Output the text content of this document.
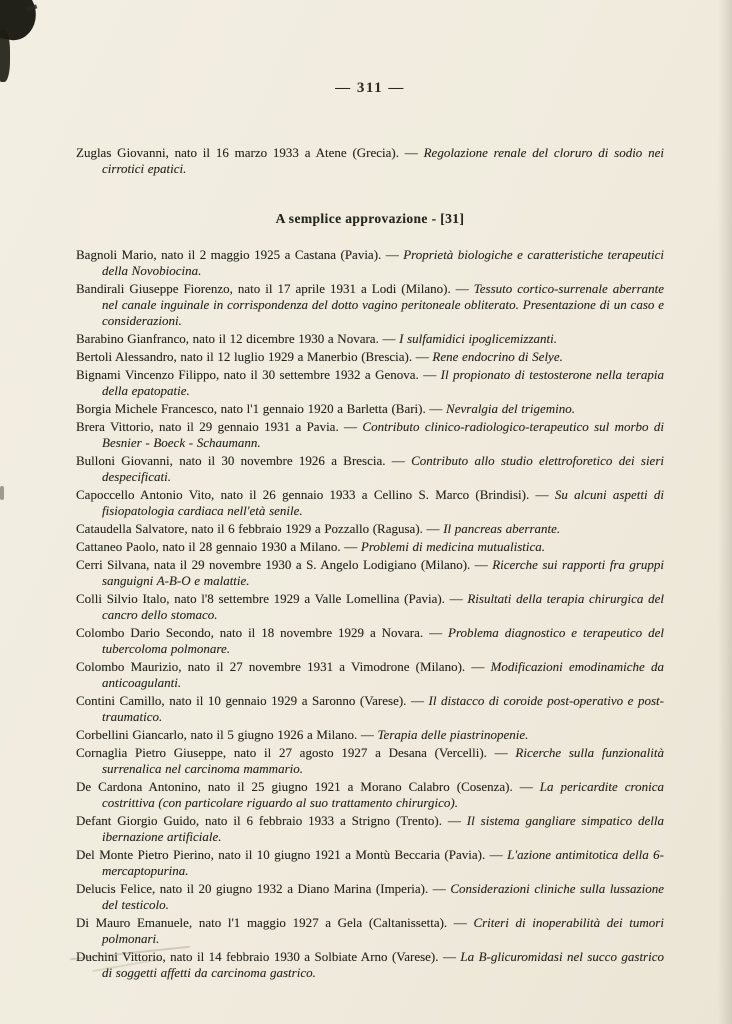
— 311 —

Zuglas Giovanni, nato il 16 marzo 1933 a Atene (Grecia). — Regolazione renale del cloruro di sodio nei cirrotici epatici.

A semplice approvazione - [31]

Bagnoli Mario, nato il 2 maggio 1925 a Castana (Pavia). — Proprietà biologiche e caratteristiche terapeutici della Novobiocina.

Bandirali Giuseppe Fiorenzo, nato il 17 aprile 1931 a Lodi (Milano). — Tessuto cortico-surrenale aberrante nel canale inguinale in corrispondenza del dotto vagino peritoneale obliterato. Presentazione di un caso e considerazioni.

Barabino Gianfranco, nato il 12 dicembre 1930 a Novara. — I sulfamidici ipoglicemizzanti.

Bertoli Alessandro, nato il 12 luglio 1929 a Manerbio (Brescia). — Rene endocrino di Selye.

Bignami Vincenzo Filippo, nato il 30 settembre 1932 a Genova. — Il propionato di testosterone nella terapia della epatopatie.

Borgia Michele Francesco, nato l'1 gennaio 1920 a Barletta (Bari). — Nevralgia del trigemino.

Brera Vittorio, nato il 29 gennaio 1931 a Pavia. — Contributo clinico-radiologico-terapeutico sul morbo di Besnier - Boeck - Schaumann.

Bulloni Giovanni, nato il 30 novembre 1926 a Brescia. — Contributo allo studio elettroforetico dei sieri despecificati.

Capoccello Antonio Vito, nato il 26 gennaio 1933 a Cellino S. Marco (Brindisi). — Su alcuni aspetti di fisiopatologia cardiaca nell'età senile.

Cataudella Salvatore, nato il 6 febbraio 1929 a Pozzallo (Ragusa). — Il pancreas aberrante.

Cattaneo Paolo, nato il 28 gennaio 1930 a Milano. — Problemi di medicina mutualistica.

Cerri Silvana, nata il 29 novembre 1930 a S. Angelo Lodigiano (Milano). — Ricerche sui rapporti fra gruppi sanguigni A-B-O e malattie.

Colli Silvio Italo, nato l'8 settembre 1929 a Valle Lomellina (Pavia). — Risultati della terapia chirurgica del cancro dello stomaco.

Colombo Dario Secondo, nato il 18 novembre 1929 a Novara. — Problema diagnostico e terapeutico del tubercoloma polmonare.

Colombo Maurizio, nato il 27 novembre 1931 a Vimodrone (Milano). — Modificazioni emodinamiche da anticoagulanti.

Contini Camillo, nato il 10 gennaio 1929 a Saronno (Varese). — Il distacco di coroide post-operativo e post-traumatico.

Corbellini Giancarlo, nato il 5 giugno 1926 a Milano. — Terapia delle piastrinopenie.

Cornaglia Pietro Giuseppe, nato il 27 agosto 1927 a Desana (Vercelli). — Ricerche sulla funzionalità surrenalica nel carcinoma mammario.

De Cardona Antonino, nato il 25 giugno 1921 a Morano Calabro (Cosenza). — La pericardite cronica costrittiva (con particolare riguardo al suo trattamento chirurgico).

Defant Giorgio Guido, nato il 6 febbraio 1933 a Strigno (Trento). — Il sistema gangliare simpatico della ibernazione artificiale.

Del Monte Pietro Pierino, nato il 10 giugno 1921 a Montù Beccaria (Pavia). — L'azione antimitotica della 6-mercaptopurina.

Delucis Felice, nato il 20 giugno 1932 a Diano Marina (Imperia). — Considerazioni cliniche sulla lussazione del testicolo.

Di Mauro Emanuele, nato l'1 maggio 1927 a Gela (Caltanissetta). — Criteri di inoperabilità dei tumori polmonari.

Duchini Vittorio, nato il 14 febbraio 1930 a Solbiate Arno (Varese). — La B-glicuromidasi nel succo gastrico di soggetti affetti da carcinoma gastrico.
